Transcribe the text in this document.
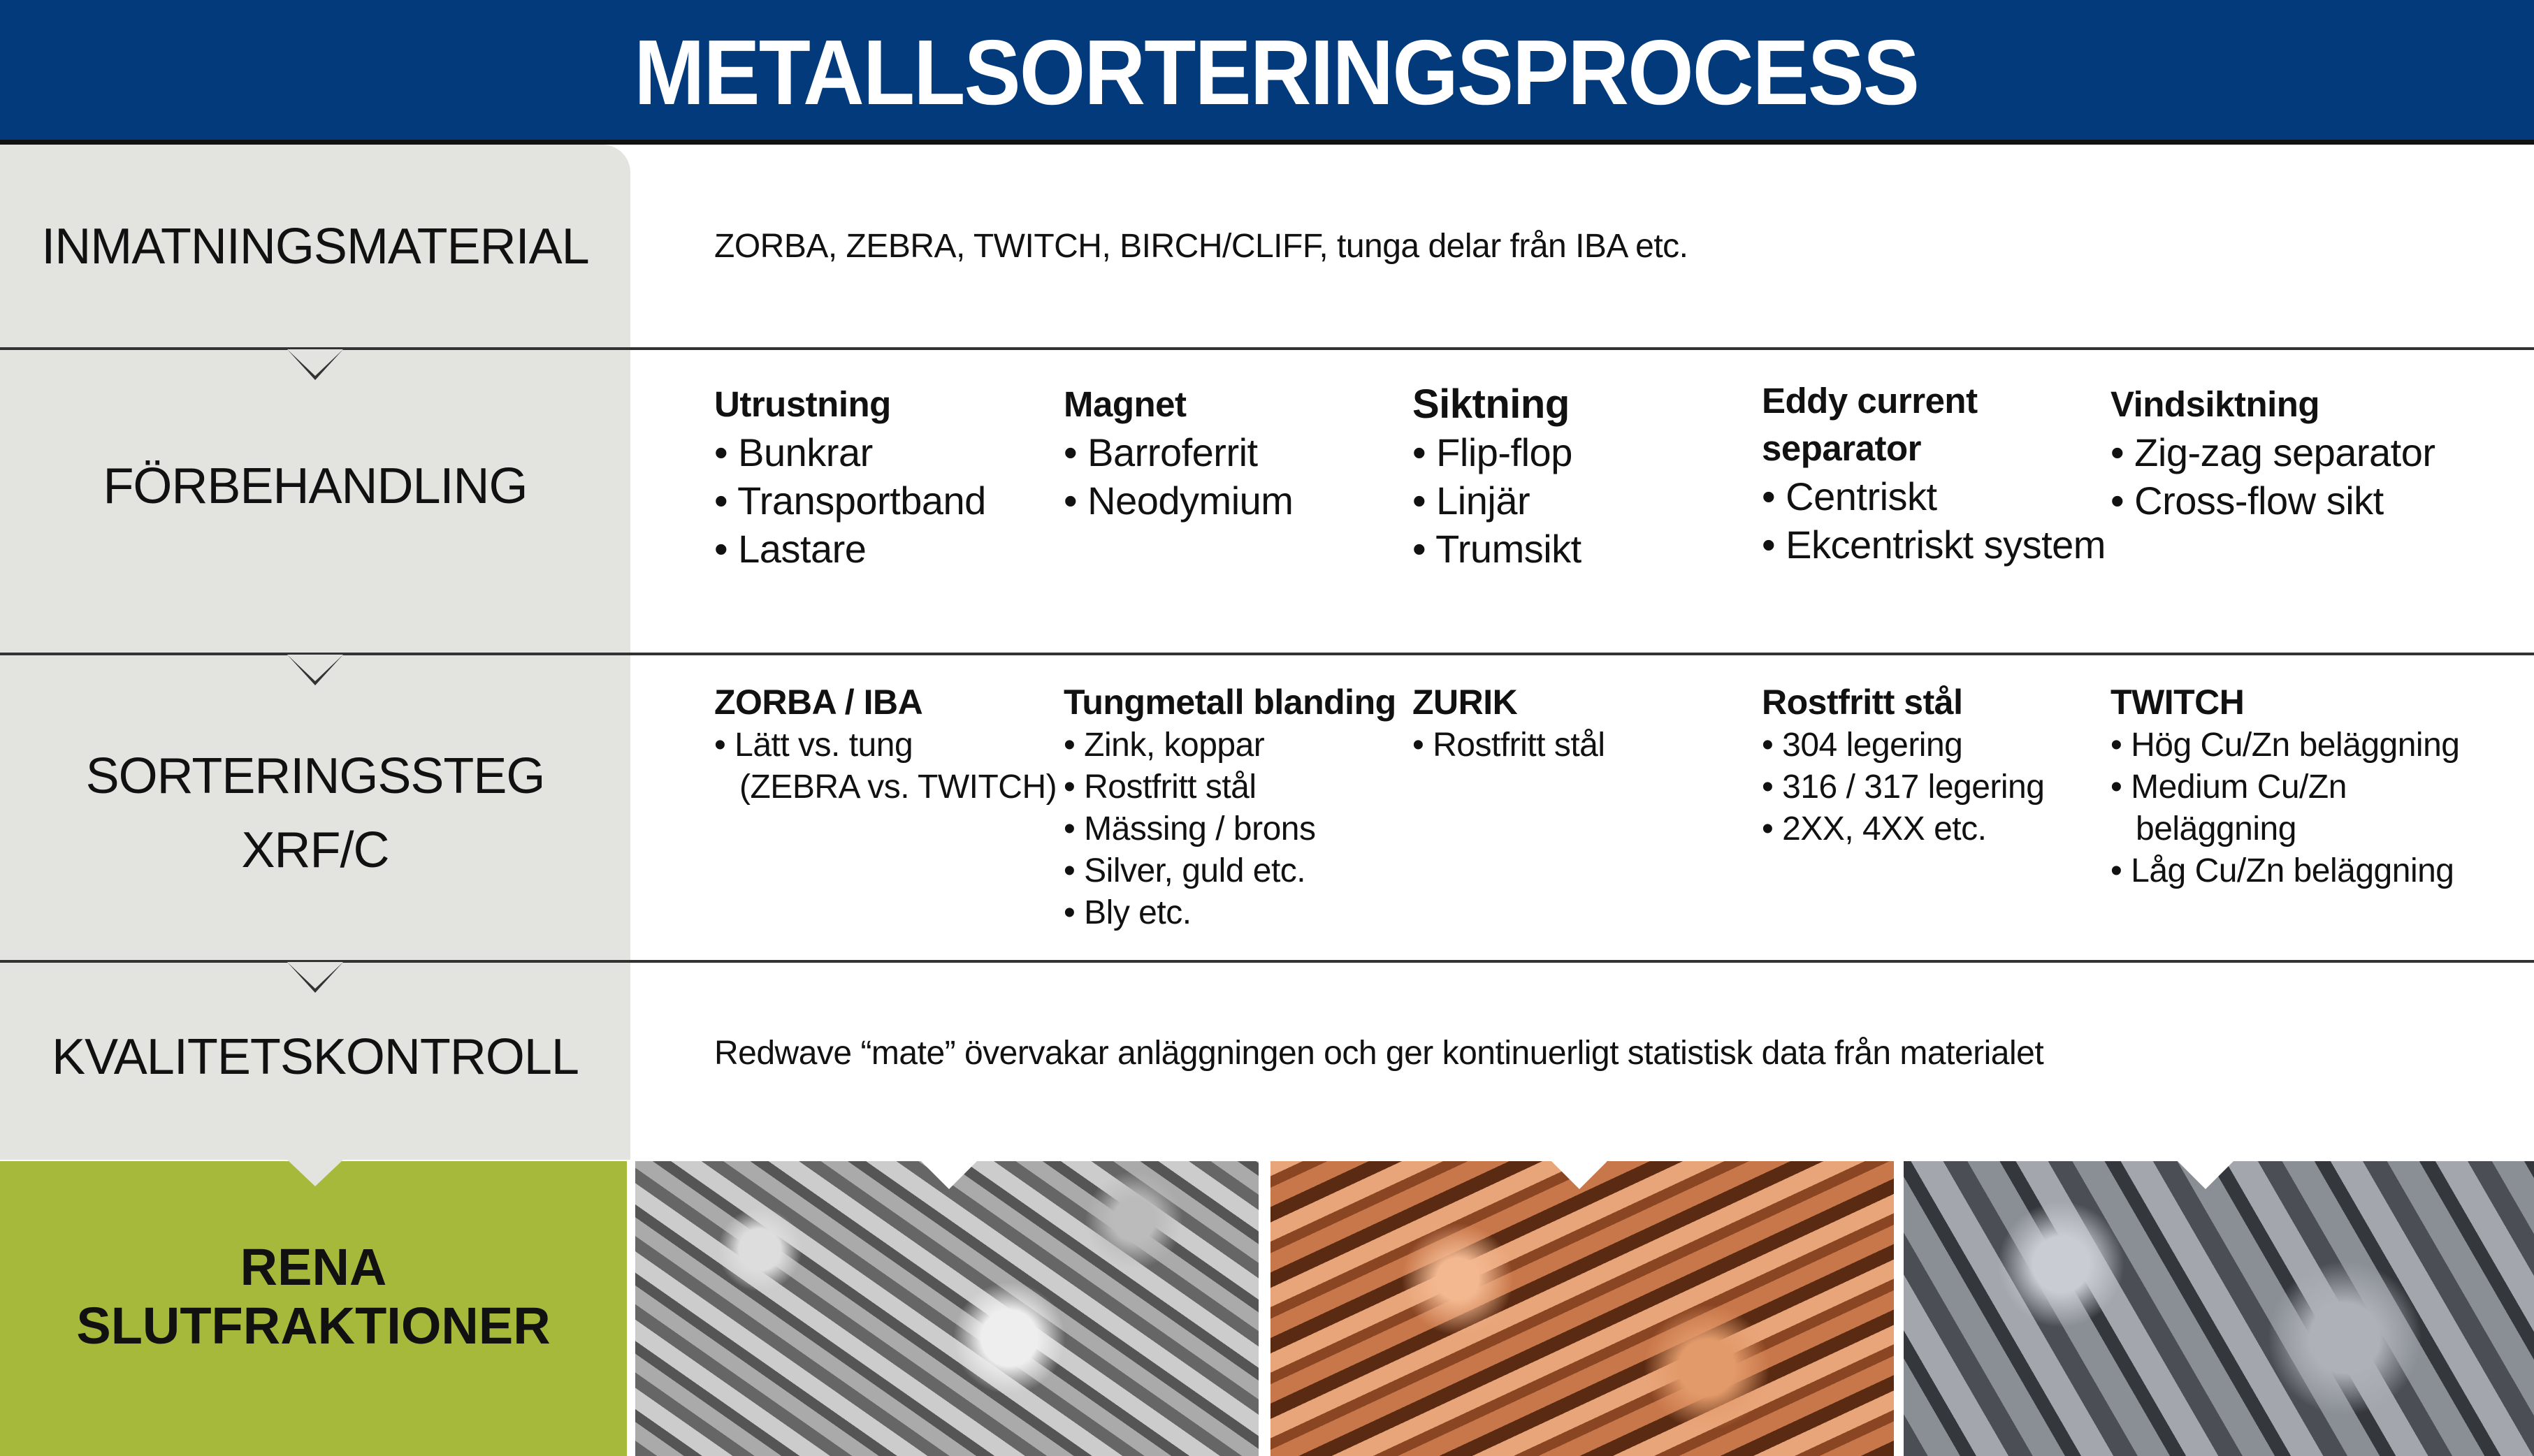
METALLSORTERINGSPROCESS
INMATNINGSMATERIAL	ZORBA, ZEBRA, TWITCH, BIRCH/CLIFF, tunga delar från IBA etc.
FÖRBEHANDLING
Utrustning
• Bunkrar
• Transportband
• Lastare
Magnet
• Barroferrit
• Neodymium
Siktning
• Flip-flop
• Linjär
• Trumsikt
Eddy current
separator
• Centriskt
• Ekcentriskt system
Vindsiktning
• Zig-zag separator
• Cross-flow sikt
SORTERINGSSTEG
XRF/C
ZORBA / IBA
• Lätt vs. tung
(ZEBRA vs. TWITCH)
Tungmetall blanding
• Zink, koppar
• Rostfritt stål
• Mässing / brons
• Silver, guld etc.
• Bly etc.
ZURIK
• Rostfritt stål
Rostfritt stål
• 304 legering
• 316 / 317 legering
• 2XX, 4XX etc.
TWITCH
• Hög Cu/Zn beläggning
• Medium Cu/Zn
beläggning
• Låg Cu/Zn beläggning
KVALITETSKONTROLL	Redwave “mate” övervakar anläggningen och ger kontinuerligt statistisk data från materialet
RENA
SLUTFRAKTIONER
